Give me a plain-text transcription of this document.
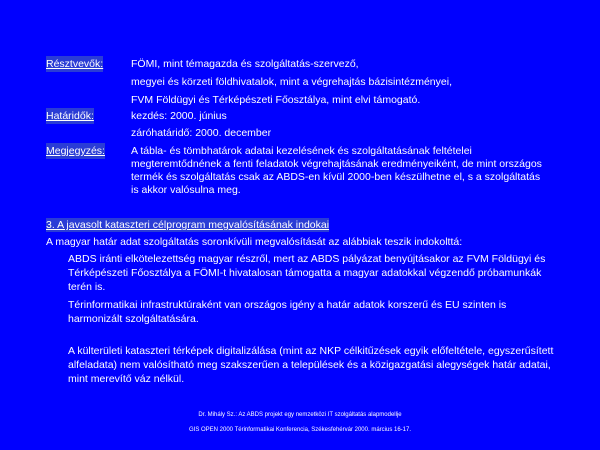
Résztvevők:	FÖMI, mint témagazda és szolgáltatás-szervező,
megyei és körzeti földhivatalok, mint a végrehajtás bázisintézményei,
FVM Földügyi és Térképészeti Főosztálya, mint elvi támogató.
Határidők:	kezdés: 2000. június
záróhatáridő: 2000. december
Megjegyzés: A tábla- és tömbhatárok adatai kezelésének és szolgáltatásának feltételei megteremtődnének a fenti feladatok végrehajtásának eredményeiként, de mint országos termék és szolgáltatás csak az ABDS-en kívül 2000-ben készülhetne el, s a szolgáltatás is akkor valósulna meg.
3. A javasolt kataszteri célprogram megvalósításának indokai
A magyar határ adat szolgáltatás soronkívüli megvalósítását az alábbiak teszik indokolttá:
ABDS iránti elkötelezettség magyar részről, mert az ABDS pályázat benyújtásakor az FVM Földügyi és Térképészeti Főosztálya a FÖMI-t hivatalosan támogatta a magyar adatokkal végzendő próbamunkák terén is.
Térinformatikai infrastruktúraként van országos igény a határ adatok korszerű és EU szinten is harmonizált szolgáltatására.
A külterületi kataszteri térképek digitalizálása (mint az NKP célkitűzések egyik előfeltétele, egyszerűsített alfeladata) nem valósítható meg szakszerűen a települések és a közigazgatási alegységek határ adatai, mint merevítő váz nélkül.
Dr. Mihály Sz.: Az ABDS projekt egy nemzetközi IT szolgáltatás alapmodellje
GIS OPEN 2000 Térinformatikai Konferencia, Székesfehérvár 2000. március 16-17.
